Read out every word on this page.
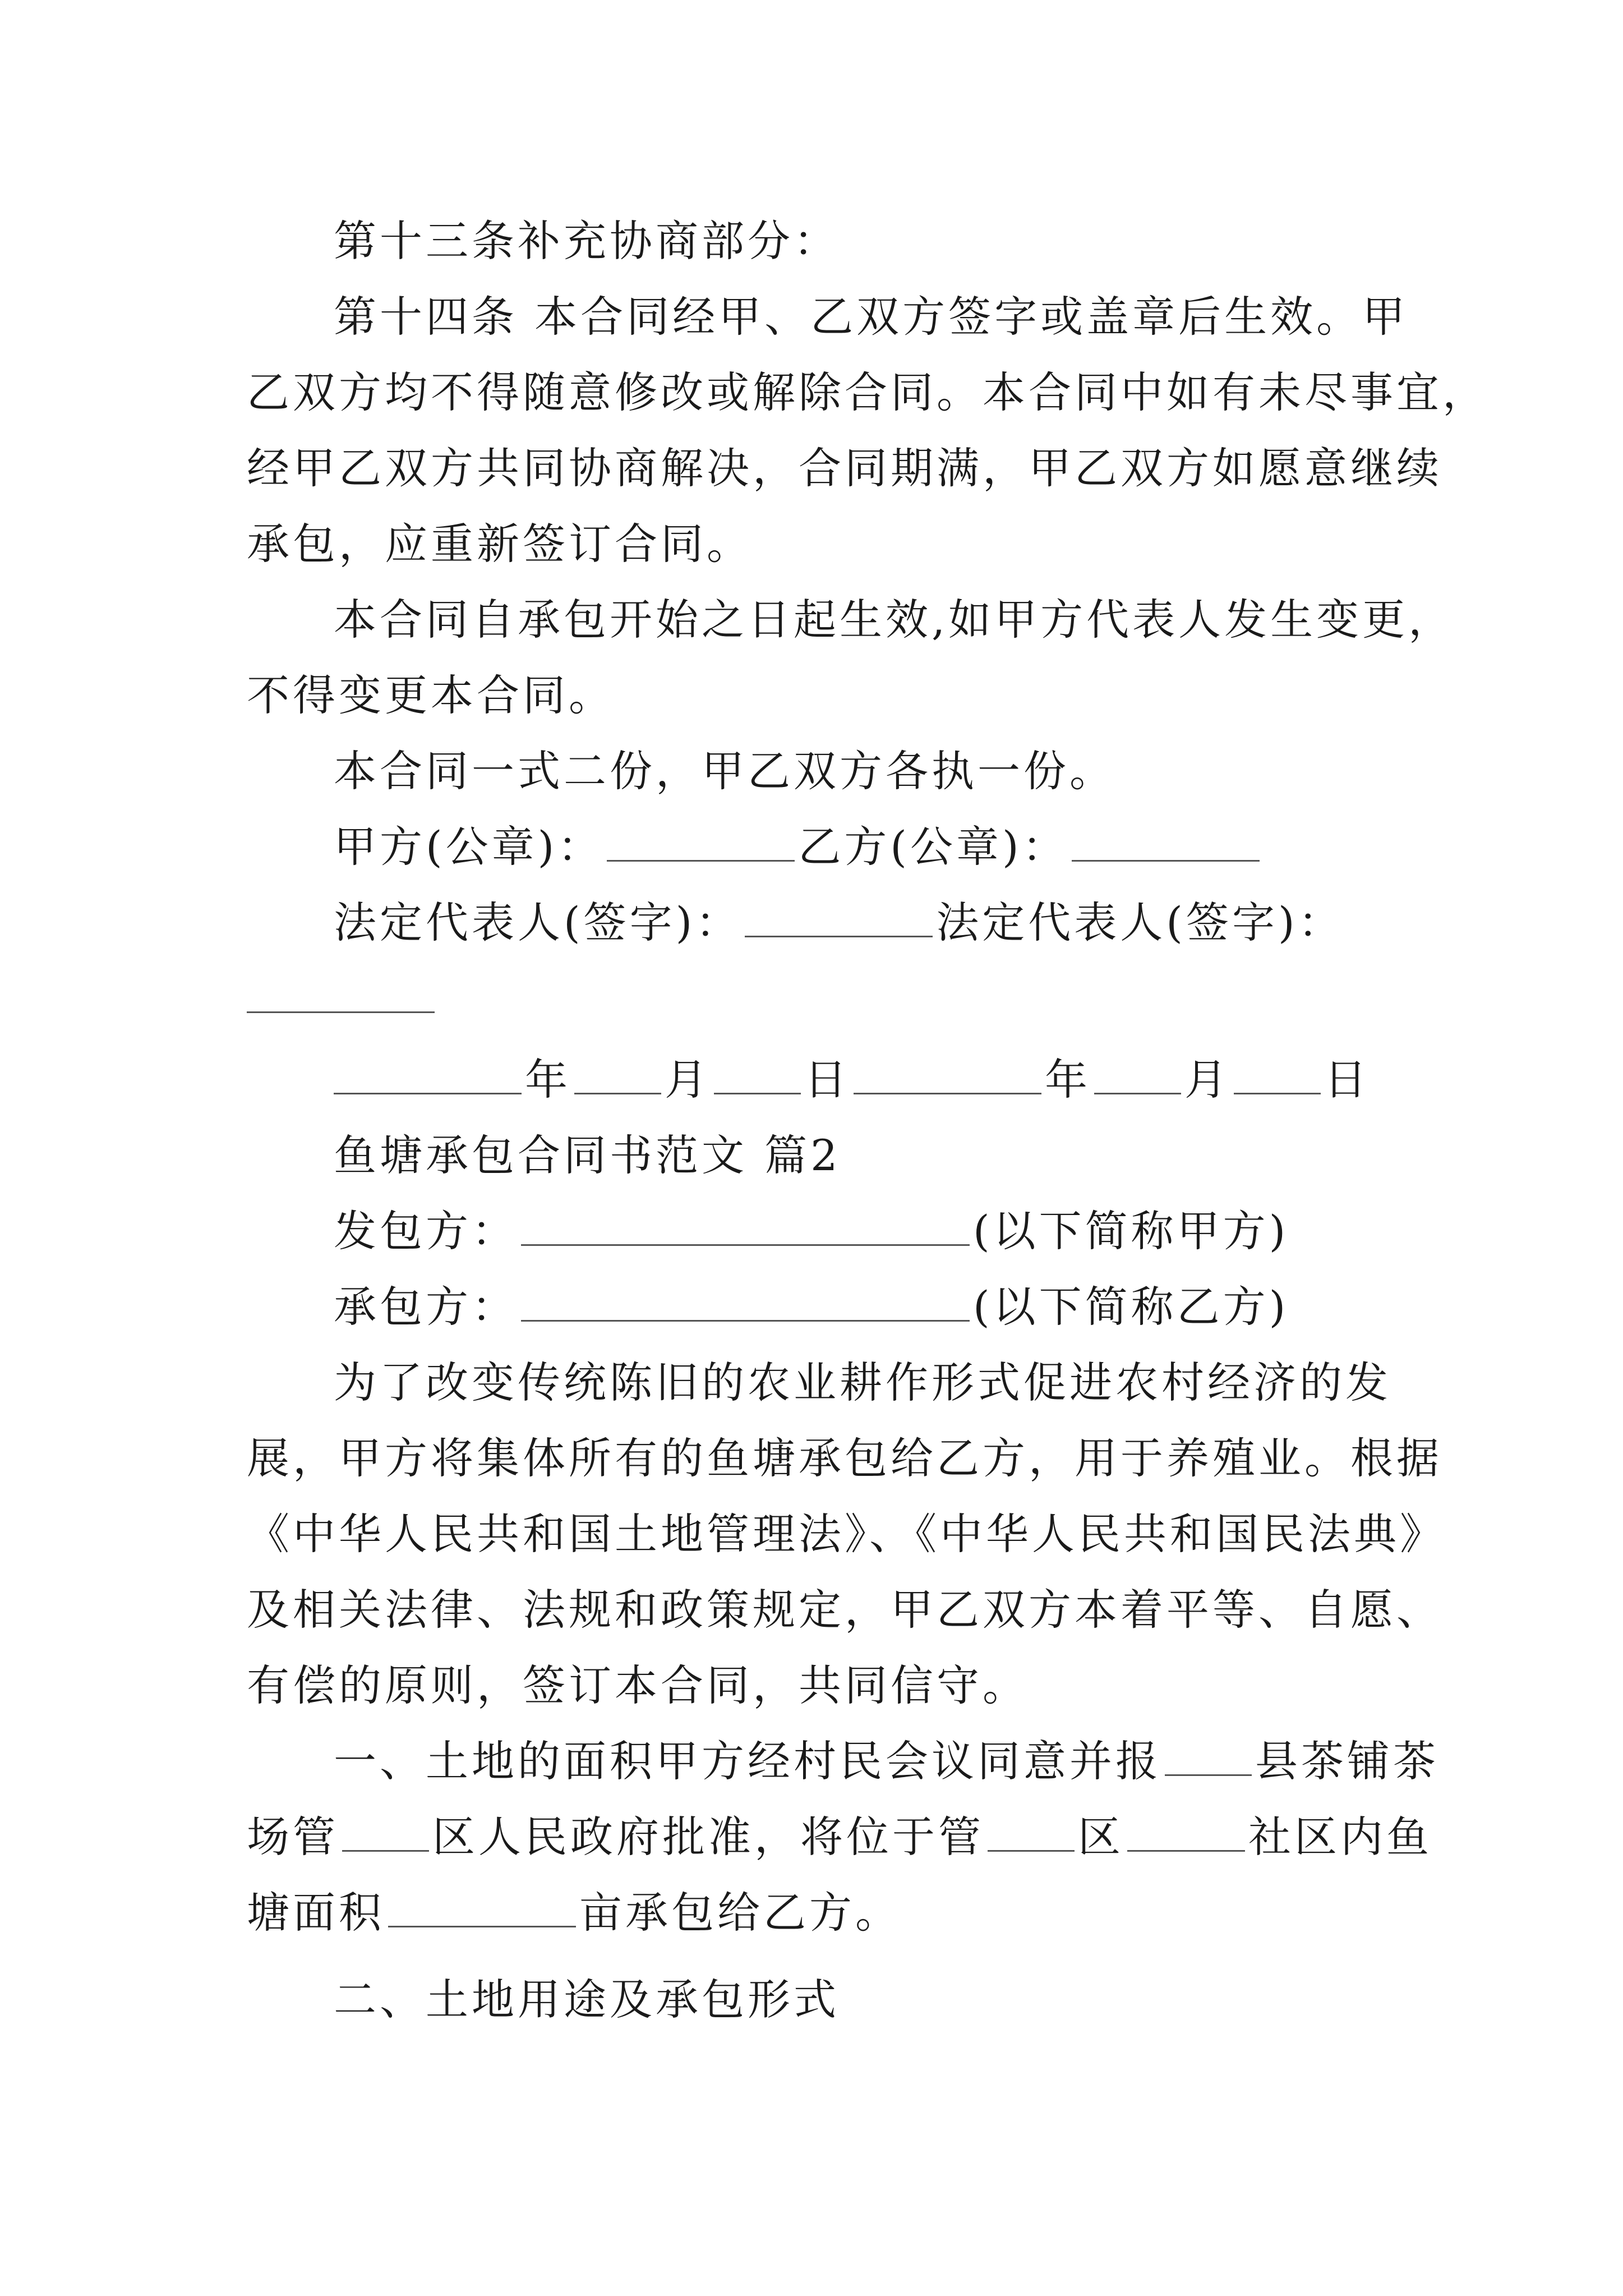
第十三条补充协商部分：
第十四条 本合同经甲、乙双方签字或盖章后生效。甲
乙双方均不得随意修改或解除合同。本合同中如有未尽事宜，
经甲乙双方共同协商解决，合同期满，甲乙双方如愿意继续
承包，应重新签订合同。
本合同自承包开始之日起生效,如甲方代表人发生变更，
不得变更本合同。
本合同一式二份，甲乙双方各执一份。
甲方(公章)：	乙方(公章)：
法定代表人(签字)：	法定代表人(签字)：
年 月 日	年 月 日
鱼塘承包合同书范文 篇2
发包方：	(以下简称甲方)
承包方：	(以下简称乙方)
为了改变传统陈旧的农业耕作形式促进农村经济的发
展，甲方将集体所有的鱼塘承包给乙方，用于养殖业。根据
《中华人民共和国土地管理法》、《中华人民共和国民法典》
及相关法律、法规和政策规定，甲乙双方本着平等、自愿、
有偿的原则，签订本合同，共同信守。
一、土地的面积甲方经村民会议同意并报 县茶铺茶
场管 区人民政府批准，将位于管 区	社区内鱼
塘面积	亩承包给乙方。
二、土地用途及承包形式
